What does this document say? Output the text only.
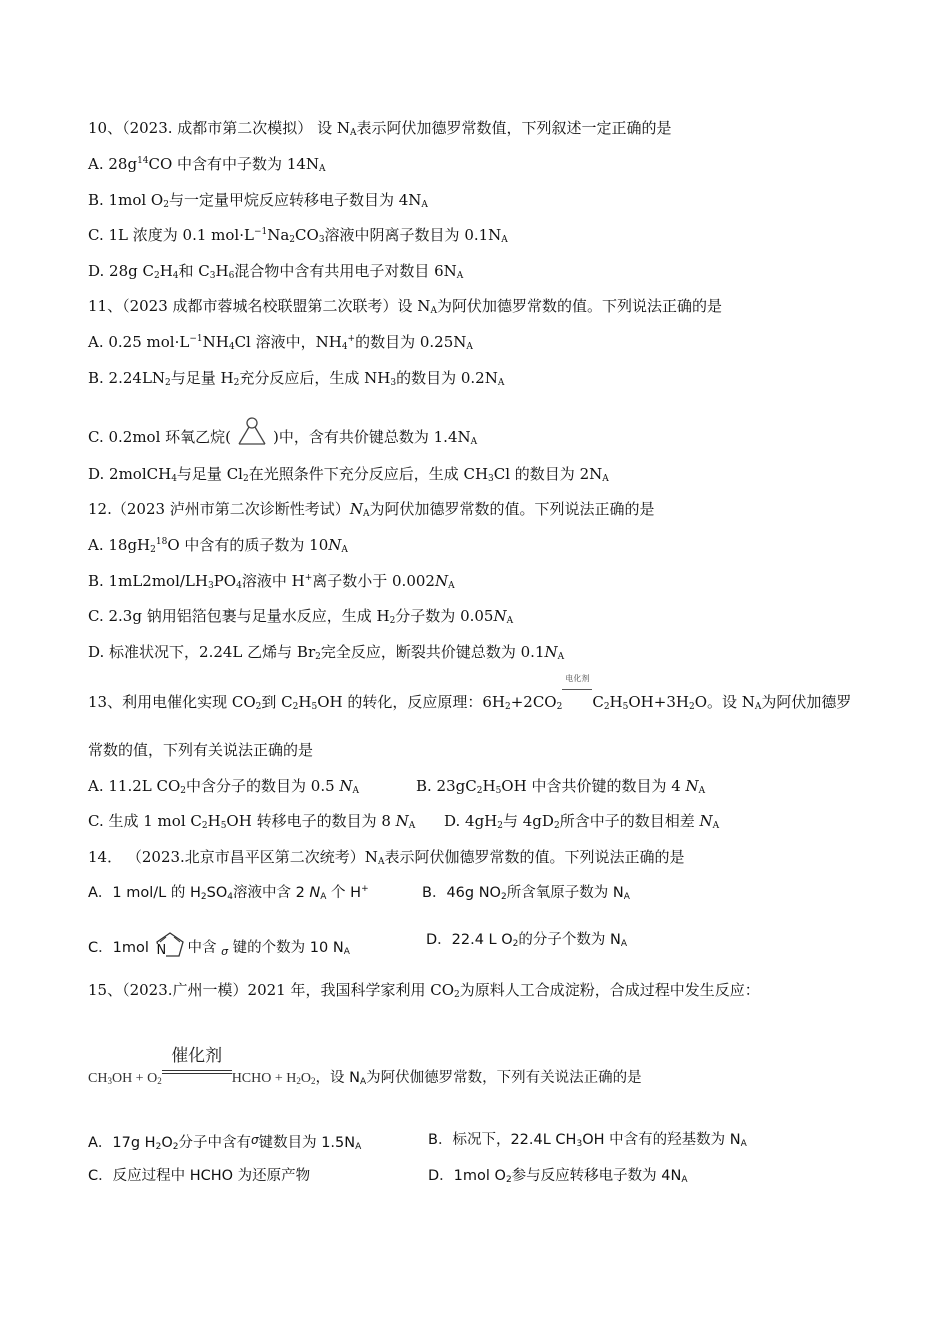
10、（2023. 成都市第二次模拟） 设 $N_A$表示阿伏加德罗常数值，下列叙述一定正确的是
A. $28g^{14}CO$ 中含有中子数为 $14N_A$
B. 1mol $O_2$与一定量甲烷反应转移电子数目为 $4N_A$
C. 1L 浓度为 0.1 $mol\cdot L^{-1}Na_2CO_3$溶液中阴离子数目为 $0.1N_A$
D. 28g $C_2H_4$和 $C_3H_6$混合物中含有共用电子对数目 $6N_A$
11、（2023 成都市蓉城名校联盟第二次联考）设 $N_A$为阿伏加德罗常数的值。下列说法正确的是
A. 0.25 $mol\cdot L^{-1}NH_4Cl$ 溶液中，$NH_4^+$的数目为 $0.25N_A$
B. $2.24LN_2$与足量 $H_2$充分反应后，生成 $NH_3$的数目为 $0.2N_A$
C. 0.2mol 环氧乙烷(	)中，含有共价键总数为 $1.4N_A$
D. 2molCH$_4$与足量 $Cl_2$在光照条件下充分反应后，生成 $CH_3Cl$ 的数目为 $2N_A$
12.（2023 泸州市第二次诊断性考试）$N_A$为阿伏加德罗常数的值。下列说法正确的是
A. $18gH_2^{18}O$ 中含有的质子数为 $10N_A$
B. $1mL2mol/LH_3PO_4$溶液中 H+离子数小于 $0.002N_A$
C. 2.3g 钠用铝箔包裹与足量水反应，生成 $H_2$分子数为 $0.05N_A$
D. 标准状况下，2.24L 乙烯与 $Br_2$完全反应，断裂共价键总数为 $0.1N_A$
13、利用电催化实现 $CO_2$到 $C_2H_5OH$ 的转化，反应原理：$6H_2+2CO_2$
电化剂
$C_2H_5OH+3H_2O$。设 $N_A$为阿伏加德罗
常数的值，下列有关说法正确的是
A. 11.2L $CO_2$中含分子的数目为 0.5 $N_A$	B. $23gC_2H_5OH$ 中含共价键的数目为 4 $N_A$
C. 生成 1 mol $C_2H_5OH$ 转移电子的数目为 8 $N_A$ D. $4gH_2$与 $4gD_2$所含中子的数目相差 $N_A$
14． （2023.北京市昌平区第二次统考）$N_A$表示阿伏伽德罗常数的值。下列说法正确的是
A．1 mol/L 的 $H_2SO_4$溶液中含 2 $N_A$ 个 H+	B．46g $NO_2$所含氧原子数为 $N_A$
C．1mol N 中含 $_\sigma$ 键的个数为 10 $N_A$
D．22.4 L $O_2$的分子个数为 $N_A$
15、（2023.广州一模）2021 年，我国科学家利用 $CO_2$为原料人工合成淀粉，合成过程中发生反应：
$CH_3OH + O_2$
催化剂
HCHO + $H_2O_2$，设 $N_A$为阿伏伽德罗常数，下列有关说法正确的是
A．17g $H_2O_2$分子中含有$^\sigma$键数目为 $1.5N_A$	B．标况下，22.4L $CH_3OH$ 中含有的羟基数为 $N_A$
C．反应过程中 HCHO 为还原产物	D．1mol $O_2$参与反应转移电子数为 $4N_A$
